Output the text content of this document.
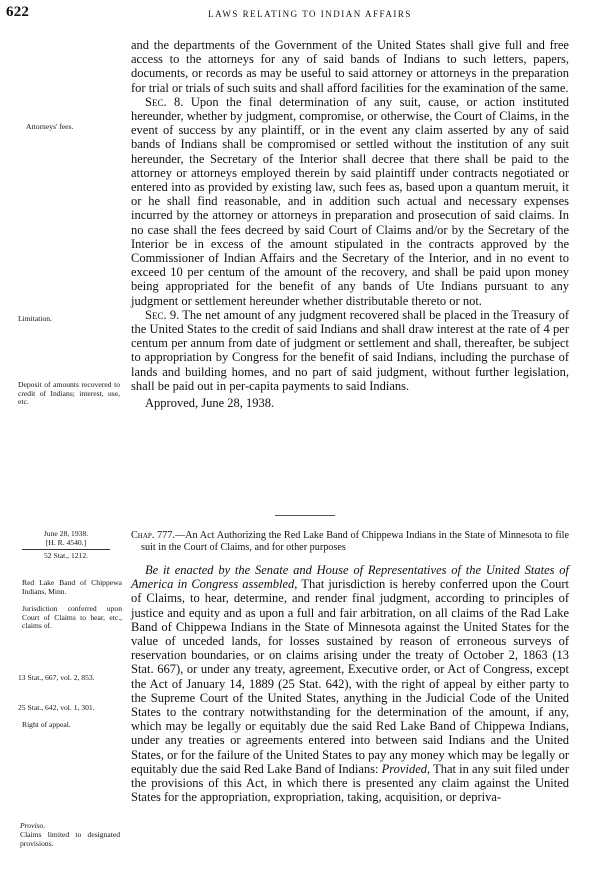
622	LAWS RELATING TO INDIAN AFFAIRS

and the departments of the Government of the United States shall give full and free access to the attorneys for any of said bands of Indians to such letters, papers, documents, or records as may be useful to said attorney or attorneys in the preparation for trial or trials of such suits and shall afford facilities for the examination of the same.

Sec. 8. Upon the final determination of any suit, cause, or action instituted hereunder, whether by judgment, compromise, or otherwise, the Court of Claims, in the event of success by any plaintiff, or in the event any claim asserted by any of said bands of Indians shall be compromised or settled without the institution of any suit hereunder, the Secretary of the Interior shall decree that there shall be paid to the attorney or attorneys employed therein by said plaintiff under contracts negotiated or entered into as provided by existing law, such fees as, based upon a quantum meruit, it or he shall find reasonable, and in addition such actual and necessary expenses incurred by the attorney or attorneys in preparation and prosecution of said claims. In no case shall the fees decreed by said Court of Claims and/or by the Secretary of the Interior be in excess of the amount stipulated in the contracts approved by the Commissioner of Indian Affairs and the Secretary of the Interior, and in no event to exceed 10 per centum of the amount of the recovery, and shall be paid upon money being appropriated for the benefit of any bands of Ute Indians pursuant to any judgment or settlement hereunder whether distributable thereto or not.

Sec. 9. The net amount of any judgment recovered shall be placed in the Treasury of the United States to the credit of said Indians and shall draw interest at the rate of 4 per centum per annum from date of judgment or settlement and shall, thereafter, be subject to appropriation by Congress for the benefit of said Indians, including the purchase of lands and building homes, and no part of said judgment, without further legislation, shall be paid out in per-capita payments to said Indians.

Approved, June 28, 1938.

Chap. 777.—An Act Authorizing the Red Lake Band of Chippewa Indians in the State of Minnesota to file suit in the Court of Claims, and for other purposes

Be it enacted by the Senate and House of Representatives of the United States of America in Congress assembled, That jurisdiction is hereby conferred upon the Court of Claims, to hear, determine, and render final judgment, according to principles of justice and equity and as upon a full and fair arbitration, on all claims of the Rad Lake Band of Chippewa Indians in the State of Minnesota against the United States for the value of unceded lands, for losses sustained by reason of erroneous surveys of reservation boundaries, or on claims arising under the treaty of October 2, 1863 (13 Stat. 667), or under any treaty, agreement, Executive order, or Act of Congress, except the Act of January 14, 1889 (25 Stat. 642), with the right of appeal by either party to the Supreme Court of the United States, anything in the Judicial Code of the United States to the contrary notwithstanding for the determination of the amount, if any, which may be legally or equitably due the said Red Lake Band of Chippewa Indians, under any treaties or agreements entered into between said Indians and the United States, or for the failure of the United States to pay any money which may be legally or equitably due the said Red Lake Band of Indians: Provided, That in any suit filed under the provisions of this Act, in which there is presented any claim against the United States for the appropriation, expropriation, taking, acquisition, or depriva-

Attorneys' fees.
Limitation.
Deposit of amounts recovered to credit of Indians; interest, use, etc.
June 28, 1938.
[H. R. 4540.]
52 Stat., 1212.
Red Lake Band of Chippewa Indians, Minn.
Jurisdiction conferred upon Court of Claims to hear, etc., claims of.
13 Stat., 667, vol. 2, 853.
25 Stat., 642, vol. 1, 301.
Right of appeal.
Proviso.
Claims limited to designated provisions.
